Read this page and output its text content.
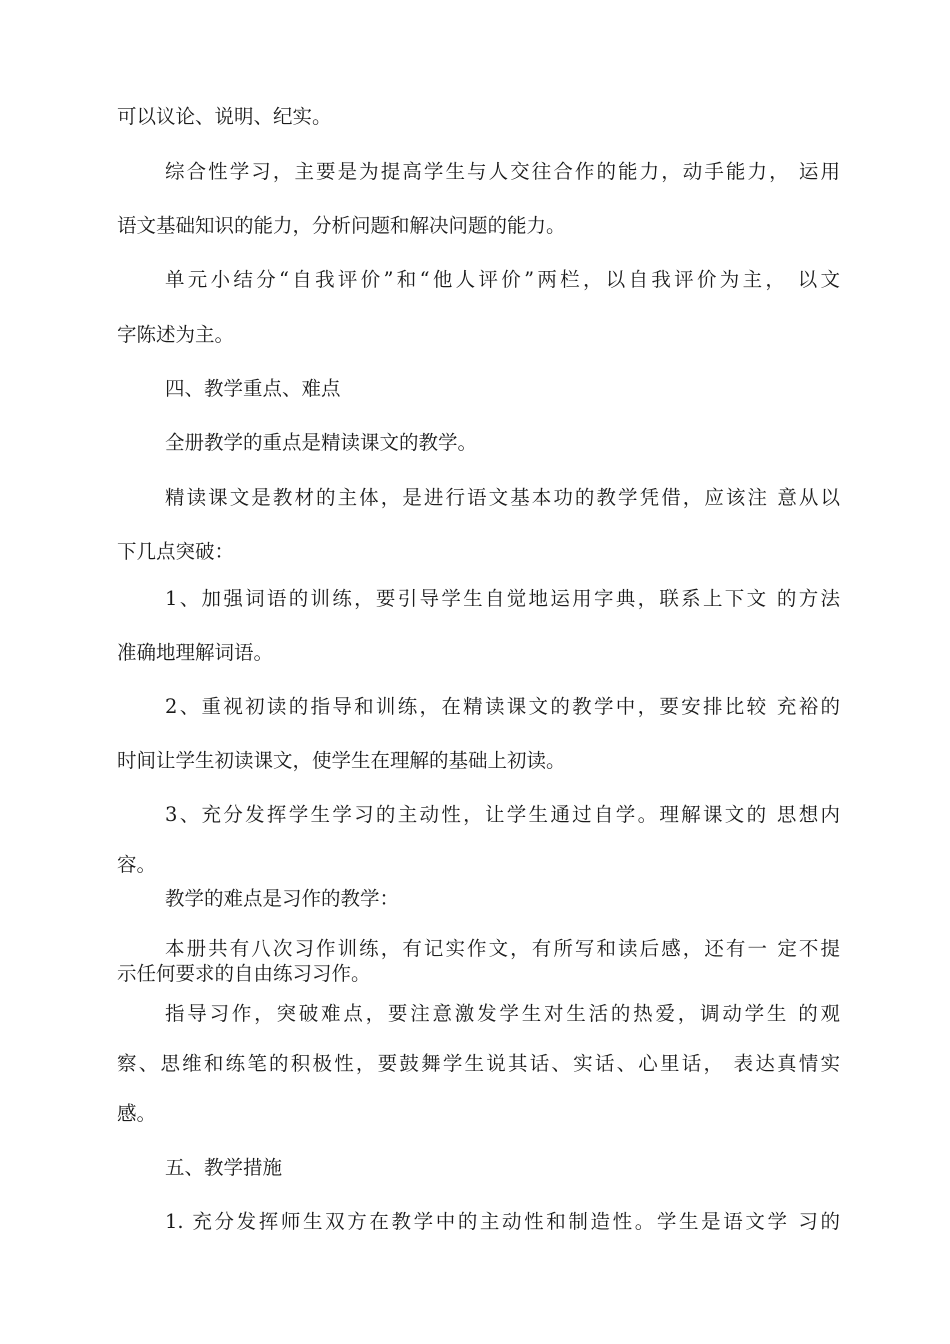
可以议论、说明、纪实。
综合性学习，主要是为提高学生与人交往合作的能力，动手能力， 运用
语文基础知识的能力，分析问题和解决问题的能力。
单元小结分“自我评价”和“他人评价”两栏，以自我评价为主， 以文
字陈述为主。
四、教学重点、难点
全册教学的重点是精读课文的教学。
精读课文是教材的主体，是进行语文基本功的教学凭借，应该注 意从以
下几点突破：
1、加强词语的训练，要引导学生自觉地运用字典，联系上下文 的方法
准确地理解词语。
2、重视初读的指导和训练，在精读课文的教学中，要安排比较 充裕的
时间让学生初读课文，使学生在理解的基础上初读。
3、充分发挥学生学习的主动性，让学生通过自学。理解课文的 思想内
容。
教学的难点是习作的教学：
本册共有八次习作训练，有记实作文，有所写和读后感，还有一 定不提
示任何要求的自由练习习作。
指导习作，突破难点，要注意激发学生对生活的热爱，调动学生 的观
察、思维和练笔的积极性，要鼓舞学生说其话、实话、心里话， 表达真情实
感。
五、教学措施
1. 充分发挥师生双方在教学中的主动性和制造性。学生是语文学 习的
